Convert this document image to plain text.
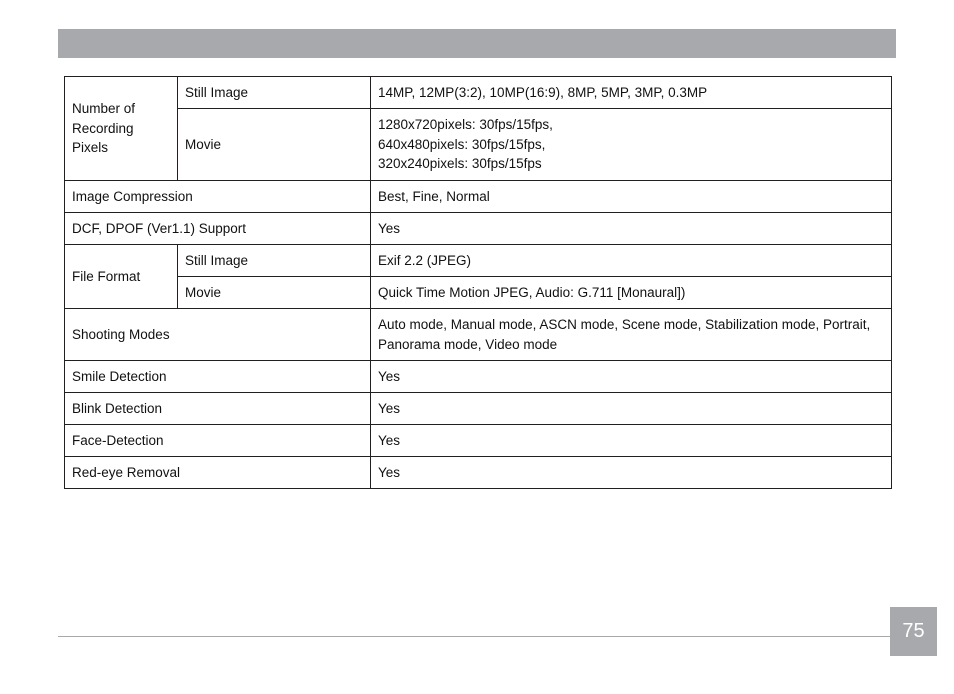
Number of
Recording
Pixels	Still Image	14MP, 12MP(3:2), 10MP(16:9), 8MP, 5MP, 3MP, 0.3MP
	Movie	1280x720pixels: 30fps/15fps,
640x480pixels: 30fps/15fps,
320x240pixels: 30fps/15fps
Image Compression		Best, Fine, Normal
DCF, DPOF (Ver1.1) Support		Yes
File Format	Still Image	Exif 2.2 (JPEG)
	Movie	Quick Time Motion JPEG, Audio: G.711 [Monaural])
Shooting Modes		Auto mode, Manual mode, ASCN mode, Scene mode, Stabilization mode, Portrait, Panorama mode, Video mode
Smile Detection		Yes
Blink Detection		Yes
Face-Detection		Yes
Red-eye Removal		Yes
75
